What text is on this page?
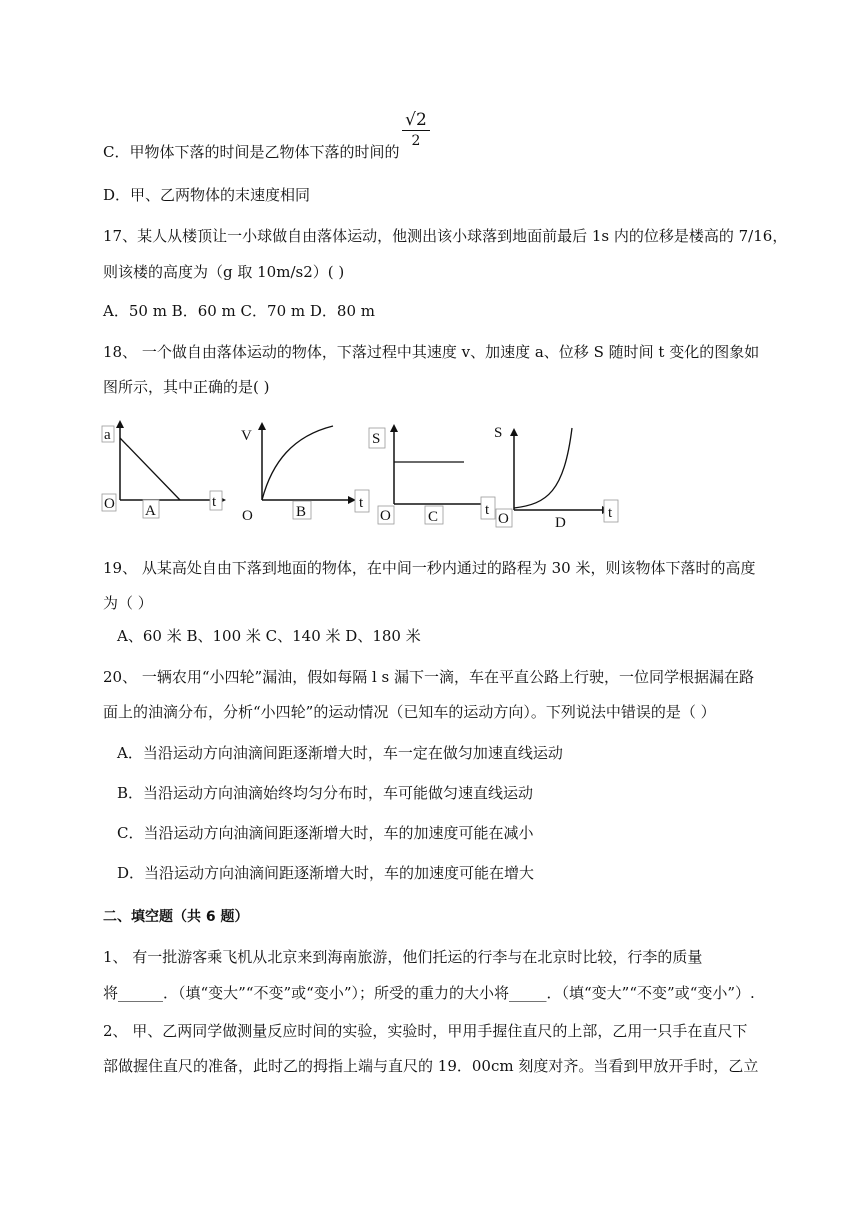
C．甲物体下落的时间是乙物体下落的时间的
√2
2
D．甲、乙两物体的末速度相同
17、某人从楼顶让一小球做自由落体运动，他测出该小球落到地面前最后 1s 内的位移是楼高的 7/16，
则该楼的高度为（g 取 10m/s2）( )
A．50 m B．60 m C．70 m D．80 m
18、 一个做自由落体运动的物体，下落过程中其速度 v、加速度 a、位移 S 随时间 t 变化的图象如
图所示，其中正确的是( )
a
O	t
A
V
O
t
B
S
O	t
C
S
O	t
D
19、 从某高处自由下落到地面的物体，在中间一秒内通过的路程为 30 米，则该物体下落时的高度
为（ ）
A、60 米 B、100 米 C、140 米 D、180 米
20、 一辆农用“小四轮”漏油，假如每隔 l s 漏下一滴，车在平直公路上行驶，一位同学根据漏在路
面上的油滴分布，分析“小四轮”的运动情况（已知车的运动方向）。下列说法中错误的是（ ）
A．当沿运动方向油滴间距逐渐增大时，车一定在做匀加速直线运动
B．当沿运动方向油滴始终均匀分布时，车可能做匀速直线运动
C．当沿运动方向油滴间距逐渐增大时，车的加速度可能在减小
D．当沿运动方向油滴间距逐渐增大时，车的加速度可能在增大
二、填空题（共 6 题）
1、 有一批游客乘飞机从北京来到海南旅游，他们托运的行李与在北京时比较，行李的质量
将______．（填“变大”“不变”或“变小”）；所受的重力的大小将_____．（填“变大”“不变”或“变小”）.
2、 甲、乙两同学做测量反应时间的实验，实验时，甲用手握住直尺的上部，乙用一只手在直尺下
部做握住直尺的准备，此时乙的拇指上端与直尺的 19．00cm 刻度对齐。当看到甲放开手时，乙立
